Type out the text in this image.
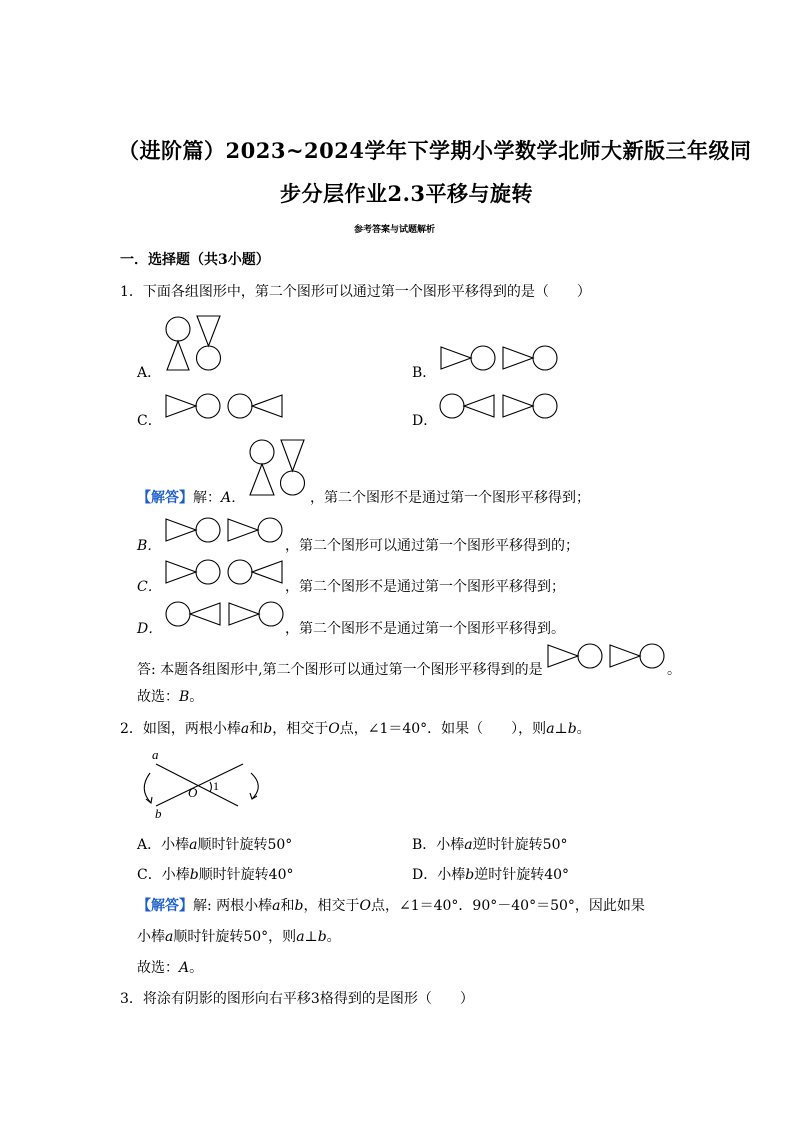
（进阶篇）2023~2024学年下学期小学数学北师大新版三年级同
步分层作业2.3平移与旋转
参考答案与试题解析
一．选择题（共3小题）
1．下面各组图形中，第二个图形可以通过第一个图形平移得到的是（　　）
A．	B．
C．	D．
【解答】解：A．	，第二个图形不是通过第一个图形平移得到；
B．	，第二个图形可以通过第一个图形平移得到的；
C．	，第二个图形不是通过第一个图形平移得到；
D．	，第二个图形不是通过第一个图形平移得到。
答: 本题各组图形中,第二个图形可以通过第一个图形平移得到的是	。
故选：B。
2．如图，两根小棒a和b，相交于O点，∠1＝40°．如果（　　），则a⊥b。
a
b
O 1
A．小棒a顺时针旋转50°	B．小棒a逆时针旋转50°
C．小棒b顺时针旋转40°	D．小棒b逆时针旋转40°
【解答】解: 两根小棒a和b，相交于O点，∠1＝40°．90°－40°＝50°，因此如果
小棒a顺时针旋转50°，则a⊥b。
故选：A。
3．将涂有阴影的图形向右平移3格得到的是图形（　　）
